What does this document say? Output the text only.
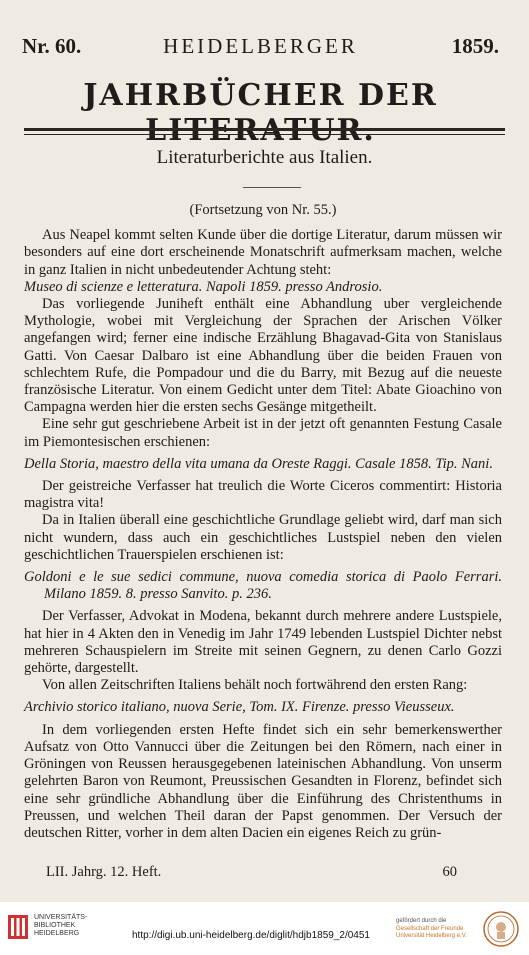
Nr. 60.	HEIDELBERGER	1859.
JAHRBÜCHER DER
Literaturberichte aus Italien.

(Fortsetzung von Nr. 55.)

Aus Neapel kommt selten Kunde über die dortige Literatur, darum müssen wir besonders auf eine dort erscheinende Monatschrift aufmerksam machen, welche in ganz Italien in nicht unbedeutender Achtung steht:

Museo di scienze e letteratura. Napoli 1859. presso Androsio.

Das vorliegende Juniheft enthält eine Abhandlung uber vergleichende Mythologie, wobei mit Vergleichung der Sprachen der Arischen Völker angefangen wird; ferner eine indische Erzählung Bhagavad-Gita von Stanislaus Gatti. Von Caesar Dalbaro ist eine Abhandlung über die beiden Frauen von schlechtem Rufe, die Pompadour und die du Barry, mit Bezug auf die neueste französische Literatur. Von einem Gedicht unter dem Titel: Abate Gioachino von Campagna werden hier die ersten sechs Gesänge mitgetheilt.

Eine sehr gut geschriebene Arbeit ist in der jetzt oft genannten Festung Casale im Piemontesischen erschienen:

Della Storia, maestro della vita umana da Oreste Raggi. Casale 1858. Tip. Nani.

Der geistreiche Verfasser hat treulich die Worte Ciceros commentirt: Historia magistra vita!

Da in Italien überall eine geschichtliche Grundlage geliebt wird, darf man sich nicht wundern, dass auch ein geschichtliches Lustspiel neben den vielen geschichtlichen Trauerspielen erschienen ist:

Goldoni e le sue sedici commune, nuova comedia storica di Paolo Ferrari. Milano 1859. 8. presso Sanvito. p. 236.

Der Verfasser, Advokat in Modena, bekannt durch mehrere andere Lustspiele, hat hier in 4 Akten den in Venedig im Jahr 1749 lebenden Lustspiel Dichter nebst mehreren Schauspielern im Streite mit seinen Gegnern, zu denen Carlo Gozzi gehörte, dargestellt.

Von allen Zeitschriften Italiens behält noch fortwährend den ersten Rang:

Archivio storico italiano, nuova Serie, Tom. IX. Firenze. presso Vieusseux.

In dem vorliegenden ersten Hefte findet sich ein sehr bemerkenswerther Aufsatz von Otto Vannucci über die Zeitungen bei den Römern, nach einer in Gröningen von Reussen herausgegebenen lateinischen Abhandlung. Von unserm gelehrten Baron von Reumont, Preussischen Gesandten in Florenz, befindet sich eine sehr gründliche Abhandlung über die Einführung des Christenthums in Preussen, und welchen Theil daran der Papst genommen. Der Versuch der deutschen Ritter, vorher in dem alten Dacien ein eigenes Reich zu grün-

LII. Jahrg. 12. Heft.	60
UNIVERSITÄTS-
BIBLIOTHEK
HEIDELBERG	http://digi.ub.uni-heidelberg.de/diglit/hdjb1859_2/0451
gefördert durch die
Gesellschaft der Freunde
Universität Heidelberg e.V.
